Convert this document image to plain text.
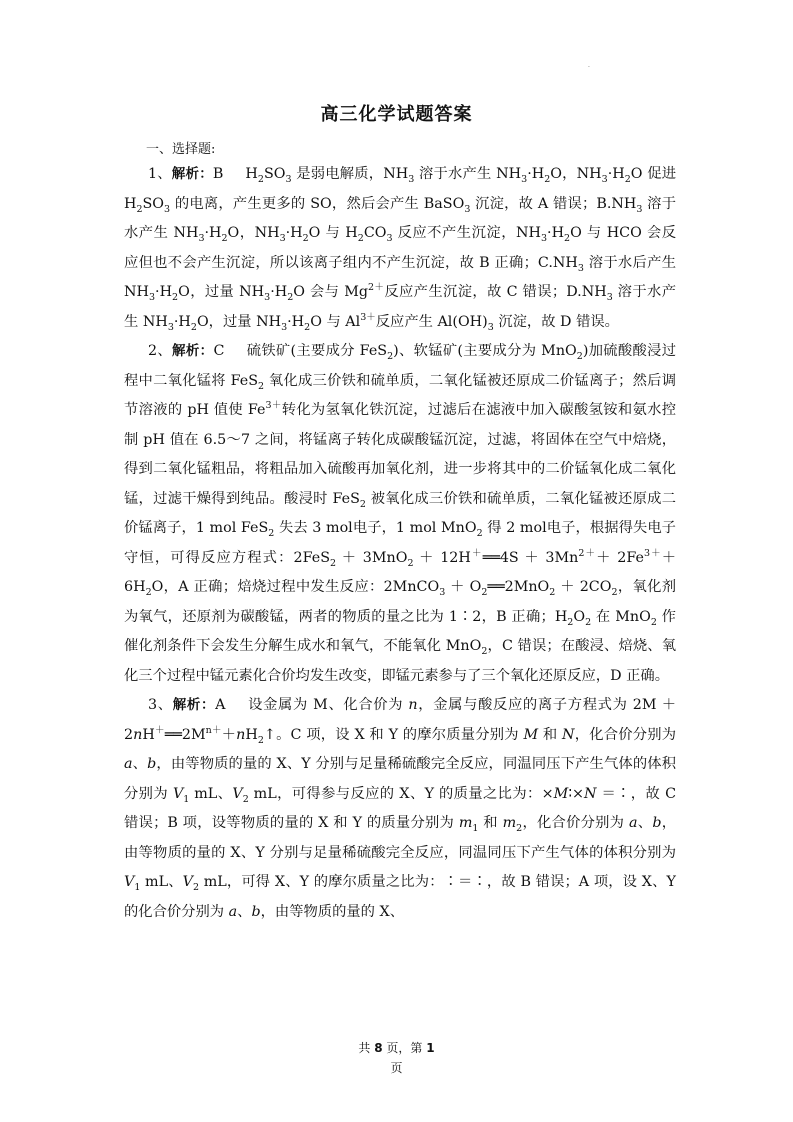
·
高三化学试题答案
一、选择题:

1、解析：B $H_2SO_3$ 是弱电解质，$NH_3$ 溶于水产生 $NH_3\cdot H_2O$，$NH_3\cdot H_2O$ 促进 $H_2SO_3$ 的电离，产生更多的 SO，然后会产生 BaSO$_3$ 沉淀，故 A 错误；$B.NH_3$ 溶于水产生 $NH_3\cdot H_2O$，$NH_3\cdot H_2O$ 与 $H_2CO_3$ 反应不产生沉淀，$NH_3\cdot H_2O$ 与 HCO 会反应但也不会产生沉淀，所以该离子组内不产生沉淀，故 B 正确；$C.NH_3$ 溶于水后产生 $NH_3\cdot H_2O$，过量 $NH_3\cdot H_2O$ 会与 $Mg^{2+}$反应产生沉淀，故 C 错误；$D.NH_3$ 溶于水产生 $NH_3\cdot H_2O$，过量 $NH_3\cdot H_2O$ 与 $Al^{3+}$反应产生 $Al(OH)_3$ 沉淀，故 D 错误。

2、解析：C 硫铁矿(主要成分 FeS$_2$)、软锰矿(主要成分为 MnO$_2$)加硫酸酸浸过程中二氧化锰将 FeS$_2$ 氧化成三价铁和硫单质，二氧化锰被还原成二价锰离子；然后调节溶液的 pH 值使 $Fe^{3+}$转化为氢氧化铁沉淀，过滤后在滤液中加入碳酸氢铵和氨水控制 pH 值在 6.5～7 之间，将锰离子转化成碳酸锰沉淀，过滤，将固体在空气中焙烧，得到二氧化锰粗品，将粗品加入硫酸再加氧化剂，进一步将其中的二价锰氧化成二氧化锰，过滤干燥得到纯品。酸浸时 FeS$_2$ 被氧化成三价铁和硫单质，二氧化锰被还原成二价锰离子，1 mol FeS$_2$ 失去 3 mol电子，1 mol MnO$_2$ 得 2 mol电子，根据得失电子守恒，可得反应方程式：2FeS$_2$ ＋ 3MnO$_2$ ＋ 12H＋══4S ＋ $3Mn^{2+}+ 2Fe^{3+}+ 6H_2O$，A 正确；焙烧过程中发生反应：2MnCO$_3$ ＋ $O_2══2MnO_2 + 2CO_2$，氧化剂为氧气，还原剂为碳酸锰，两者的物质的量之比为 1∶2，B 正确；$H_2O_2$ 在 MnO$_2$ 作催化剂条件下会发生分解生成水和氧气，不能氧化 MnO$_2$，C 错误；在酸浸、焙烧、氧化三个过程中锰元素化合价均发生改变，即锰元素参与了三个氧化还原反应，D 正确。

3、解析：A 设金属为 M、化合价为 n，金属与酸反应的离子方程式为 $2M + 2nH^+══2M^{n+}+nH_2↑$。C 项，设 X 和 Y 的摩尔质量分别为 M 和 N，化合价分别为 a、b，由等物质的量的 X、Y 分别与足量稀硫酸完全反应，同温同压下产生气体的体积分别为 $V_1$ mL、$V_2$ mL，可得参与反应的 X、Y 的质量之比为：×M∶×N ＝∶，故 C 错误；B 项，设等物质的量的 X 和 Y 的质量分别为 $m_1$ 和 $m_2$，化合价分别为 a、b，由等物质的量的 X、Y 分别与足量稀硫酸完全反应，同温同压下产生气体的体积分别为 $V_1$ mL、$V_2$ mL，可得 X、Y 的摩尔质量之比为：∶＝∶，故 B 错误；A 项，设 X、Y 的化合价分别为 a、b，由等物质的量的 X、

共 8 页，第 1
页
